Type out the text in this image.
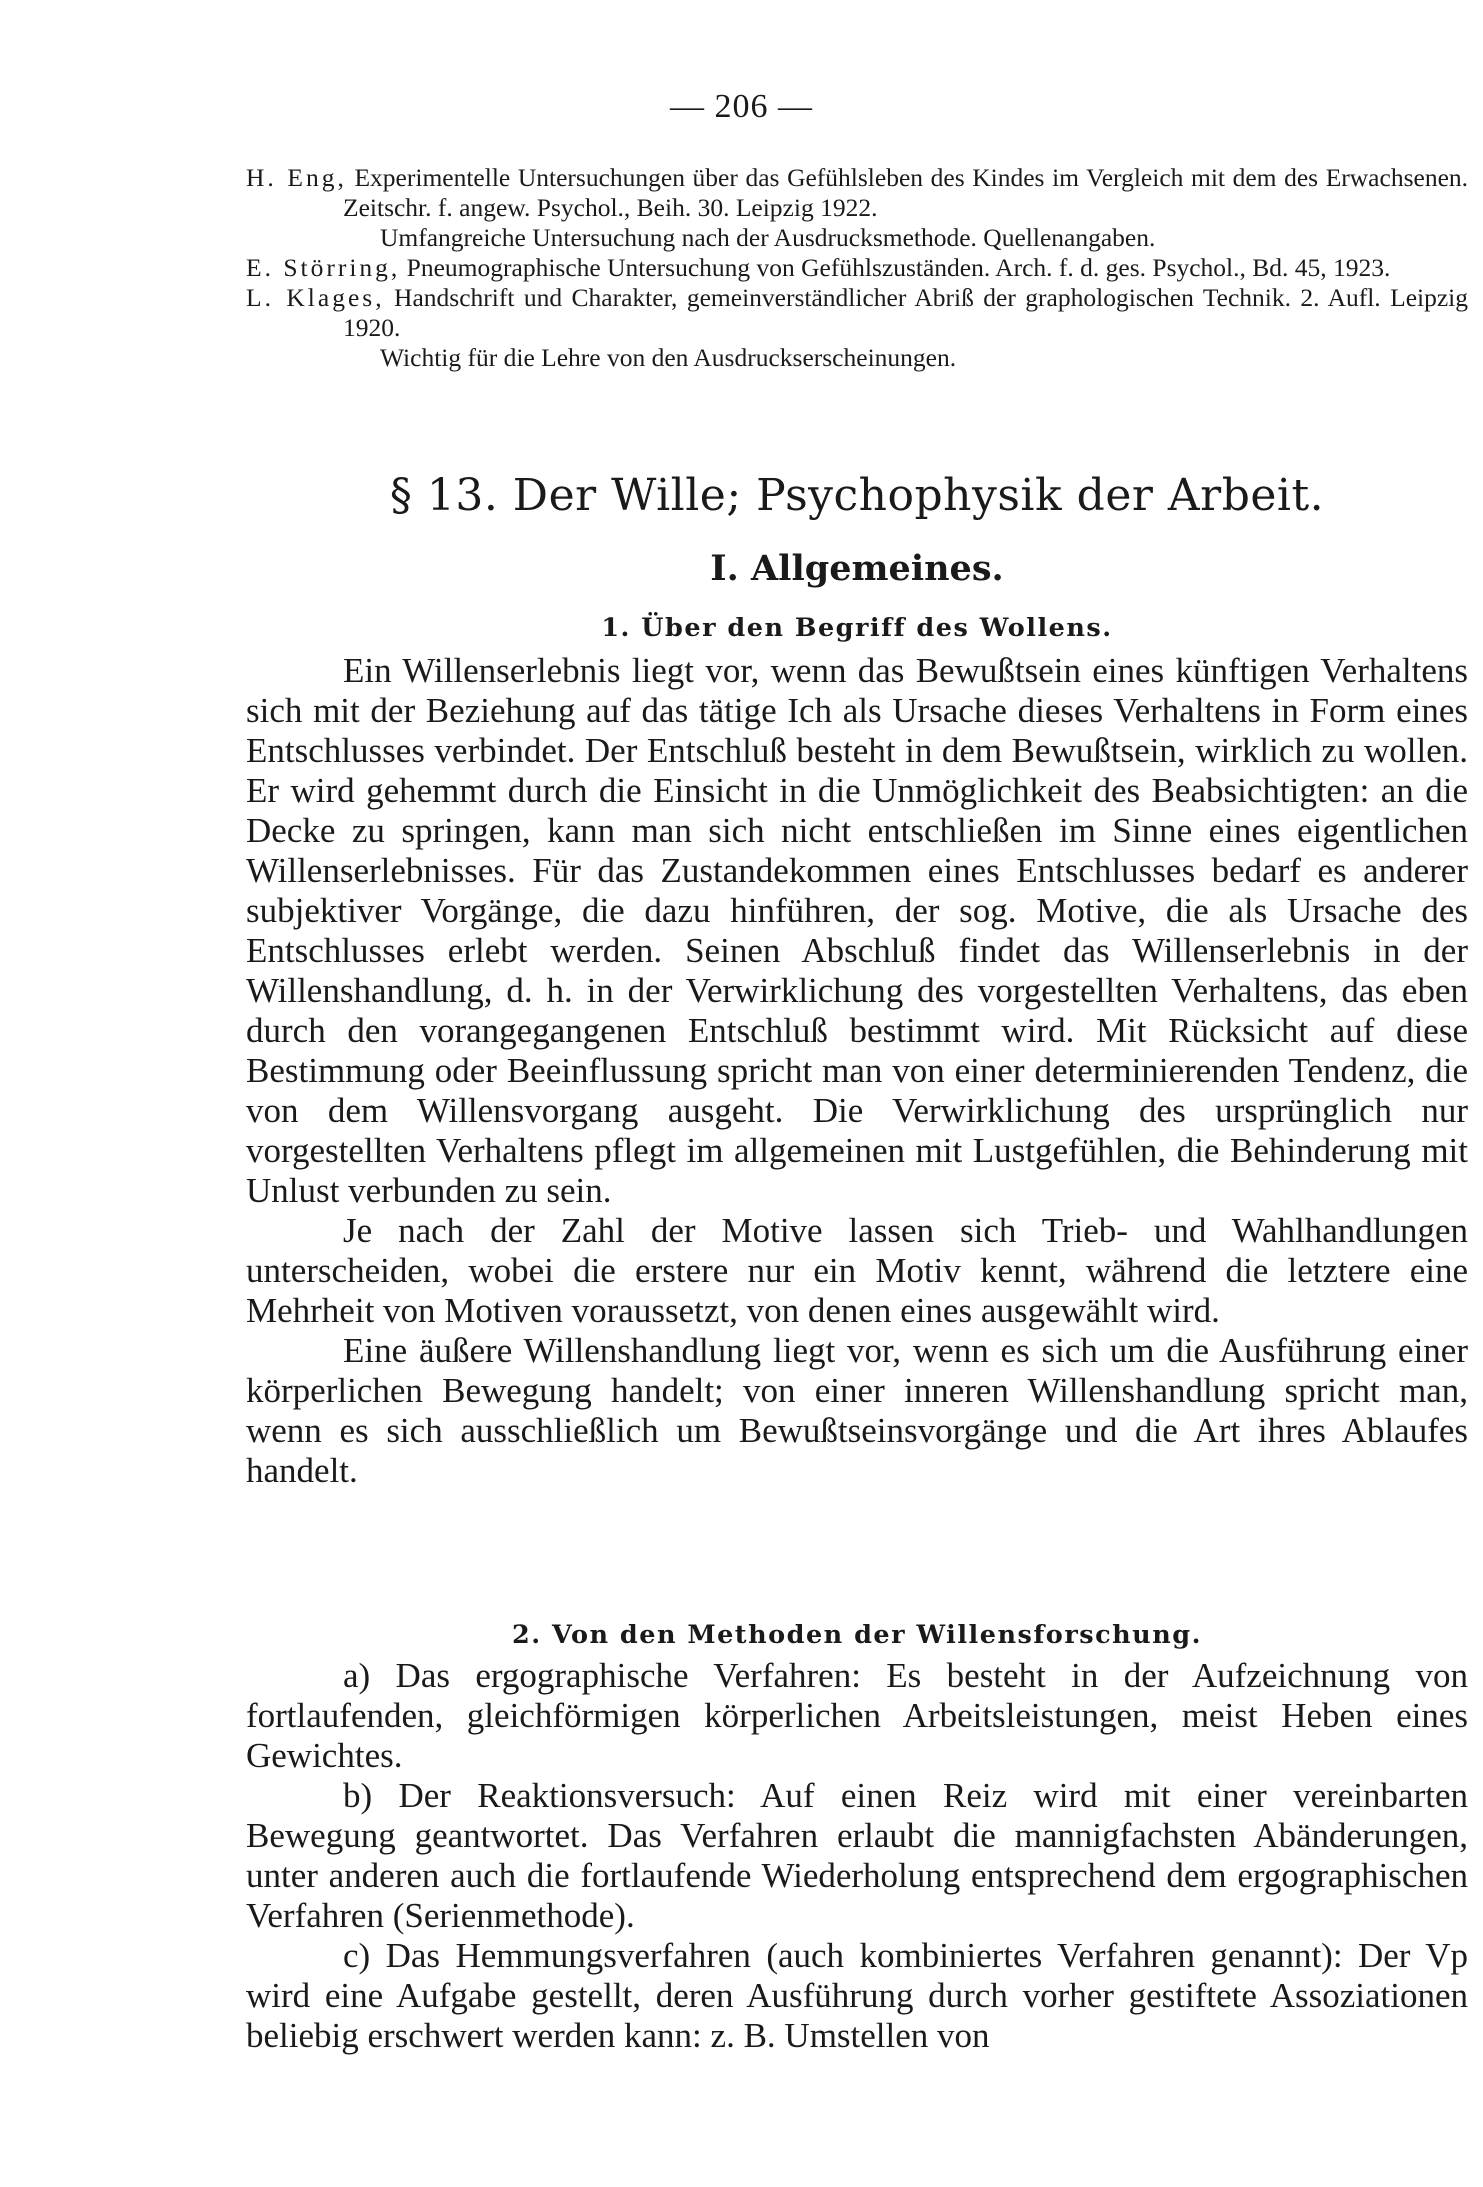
— 206 —

H. Eng, Experimentelle Untersuchungen über das Gefühlsleben des Kindes im Vergleich mit dem des Erwachsenen. Zeitschr. f. angew. Psychol., Beih. 30. Leipzig 1922.

Umfangreiche Untersuchung nach der Ausdrucksmethode. Quellenangaben.

E. Störring, Pneumographische Untersuchung von Gefühlszuständen. Arch. f. d. ges. Psychol., Bd. 45, 1923.

L. Klages, Handschrift und Charakter, gemeinverständlicher Abriß der graphologischen Technik. 2. Aufl. Leipzig 1920.

Wichtig für die Lehre von den Ausdruckserscheinungen.

§ 13. Der Wille; Psychophysik der Arbeit.
I. Allgemeines.
1. Über den Begriff des Wollens.

Ein Willenserlebnis liegt vor, wenn das Bewußtsein eines künftigen Verhaltens sich mit der Beziehung auf das tätige Ich als Ursache dieses Verhaltens in Form eines Entschlusses verbindet. Der Entschluß besteht in dem Bewußtsein, wirklich zu wollen. Er wird gehemmt durch die Einsicht in die Unmöglichkeit des Beabsichtigten: an die Decke zu springen, kann man sich nicht entschließen im Sinne eines eigentlichen Willenserlebnisses. Für das Zustandekommen eines Entschlusses bedarf es anderer subjektiver Vorgänge, die dazu hinführen, der sog. Motive, die als Ursache des Entschlusses erlebt werden. Seinen Abschluß findet das Willenserlebnis in der Willenshandlung, d. h. in der Verwirklichung des vorgestellten Verhaltens, das eben durch den vorangegangenen Entschluß bestimmt wird. Mit Rücksicht auf diese Bestimmung oder Beeinflussung spricht man von einer determinierenden Tendenz, die von dem Willensvorgang ausgeht. Die Verwirklichung des ursprünglich nur vorgestellten Verhaltens pflegt im allgemeinen mit Lustgefühlen, die Behinderung mit Unlust verbunden zu sein.

Je nach der Zahl der Motive lassen sich Trieb- und Wahlhandlungen unterscheiden, wobei die erstere nur ein Motiv kennt, während die letztere eine Mehrheit von Motiven voraussetzt, von denen eines ausgewählt wird.

Eine äußere Willenshandlung liegt vor, wenn es sich um die Ausführung einer körperlichen Bewegung handelt; von einer inneren Willenshandlung spricht man, wenn es sich ausschließlich um Bewußtseinsvorgänge und die Art ihres Ablaufes handelt.

2. Von den Methoden der Willensforschung.

a) Das ergographische Verfahren: Es besteht in der Aufzeichnung von fortlaufenden, gleichförmigen körperlichen Arbeitsleistungen, meist Heben eines Gewichtes.

b) Der Reaktionsversuch: Auf einen Reiz wird mit einer vereinbarten Bewegung geantwortet. Das Verfahren erlaubt die mannigfachsten Abänderungen, unter anderen auch die fortlaufende Wiederholung entsprechend dem ergographischen Verfahren (Serienmethode).

c) Das Hemmungsverfahren (auch kombiniertes Verfahren genannt): Der Vp wird eine Aufgabe gestellt, deren Ausführung durch vorher gestiftete Assoziationen beliebig erschwert werden kann: z. B. Umstellen von
